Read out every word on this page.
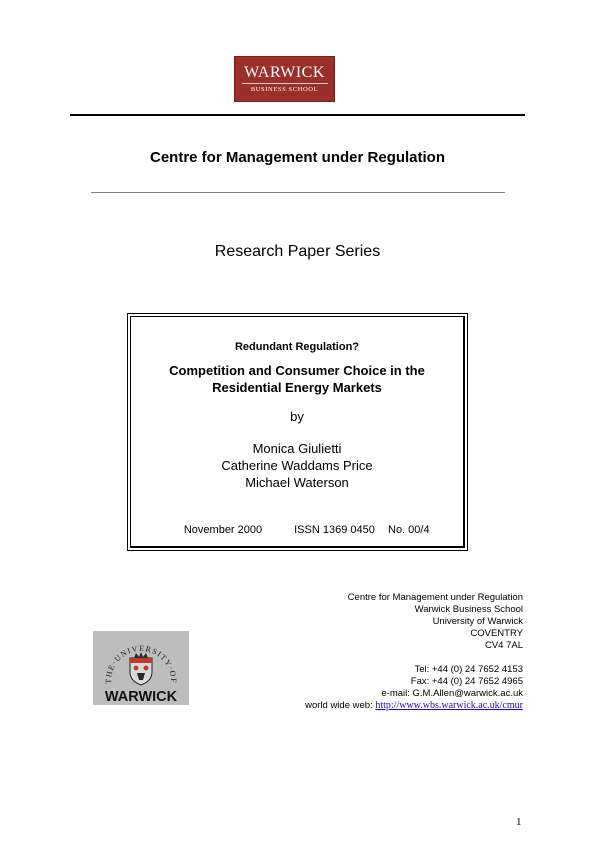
WARWICK
BUSINESS SCHOOL
Centre for Management under Regulation
Research Paper Series
Redundant Regulation?
Competition and Consumer Choice in the
Residential Energy Markets
by
Monica Giulietti
Catherine Waddams Price
Michael Waterson
November 2000	ISSN 1369 0450 No. 00/4
Centre for Management under Regulation
Warwick Business School
University of Warwick
COVENTRY
CV4 7AL
Tel: +44 (0) 24 7652 4153
Fax: +44 (0) 24 7652 4965
e-mail: G.M.Allen@warwick.ac.uk
world wide web: http://www.wbs.warwick.ac.uk/cmur
THE·UNIVERSITY·OF
WARWICK
1
